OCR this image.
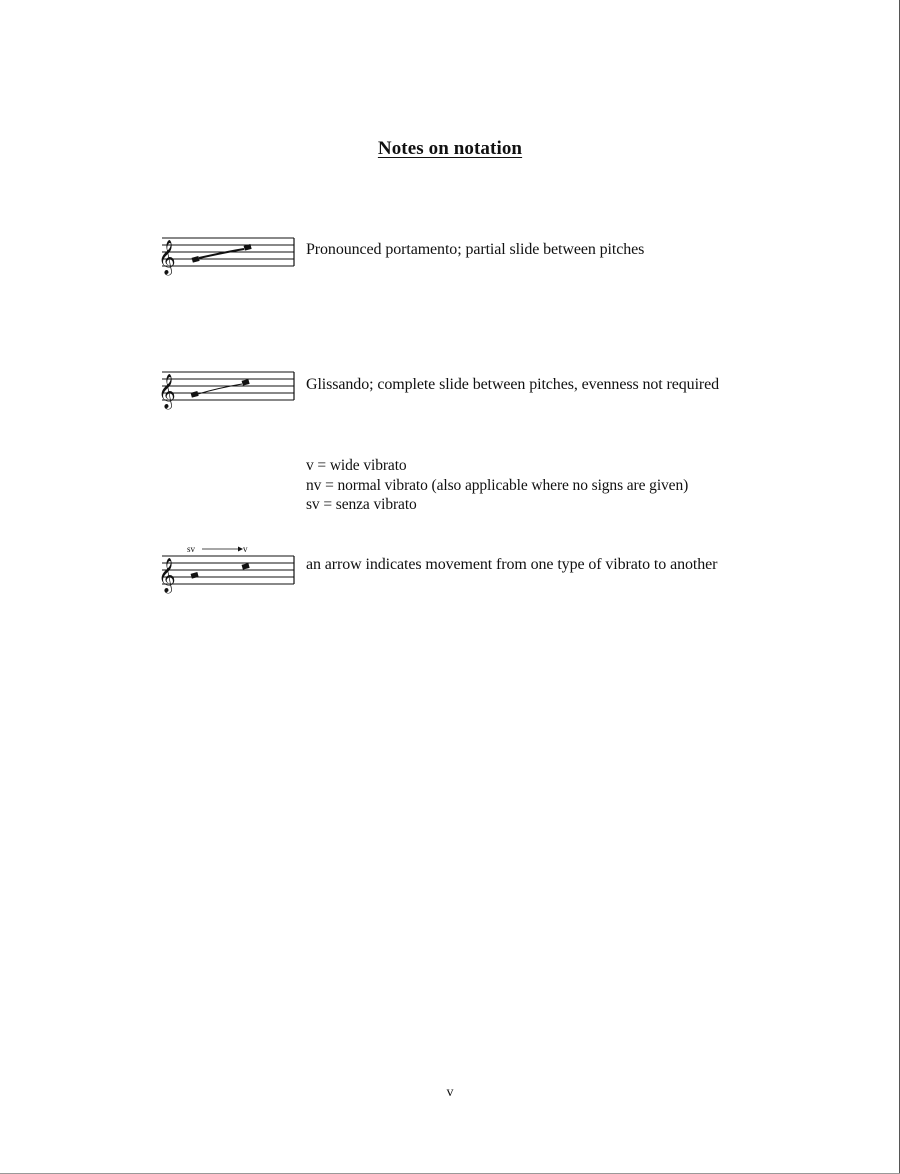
Notes on notation
𝄞	Pronounced portamento; partial slide between pitches
𝄞	Glissando; complete slide between pitches, evenness not required
v = wide vibrato
nv = normal vibrato (also applicable where no signs are given)
sv = senza vibrato
𝄞
sv	v
an arrow indicates movement from one type of vibrato to another
v
